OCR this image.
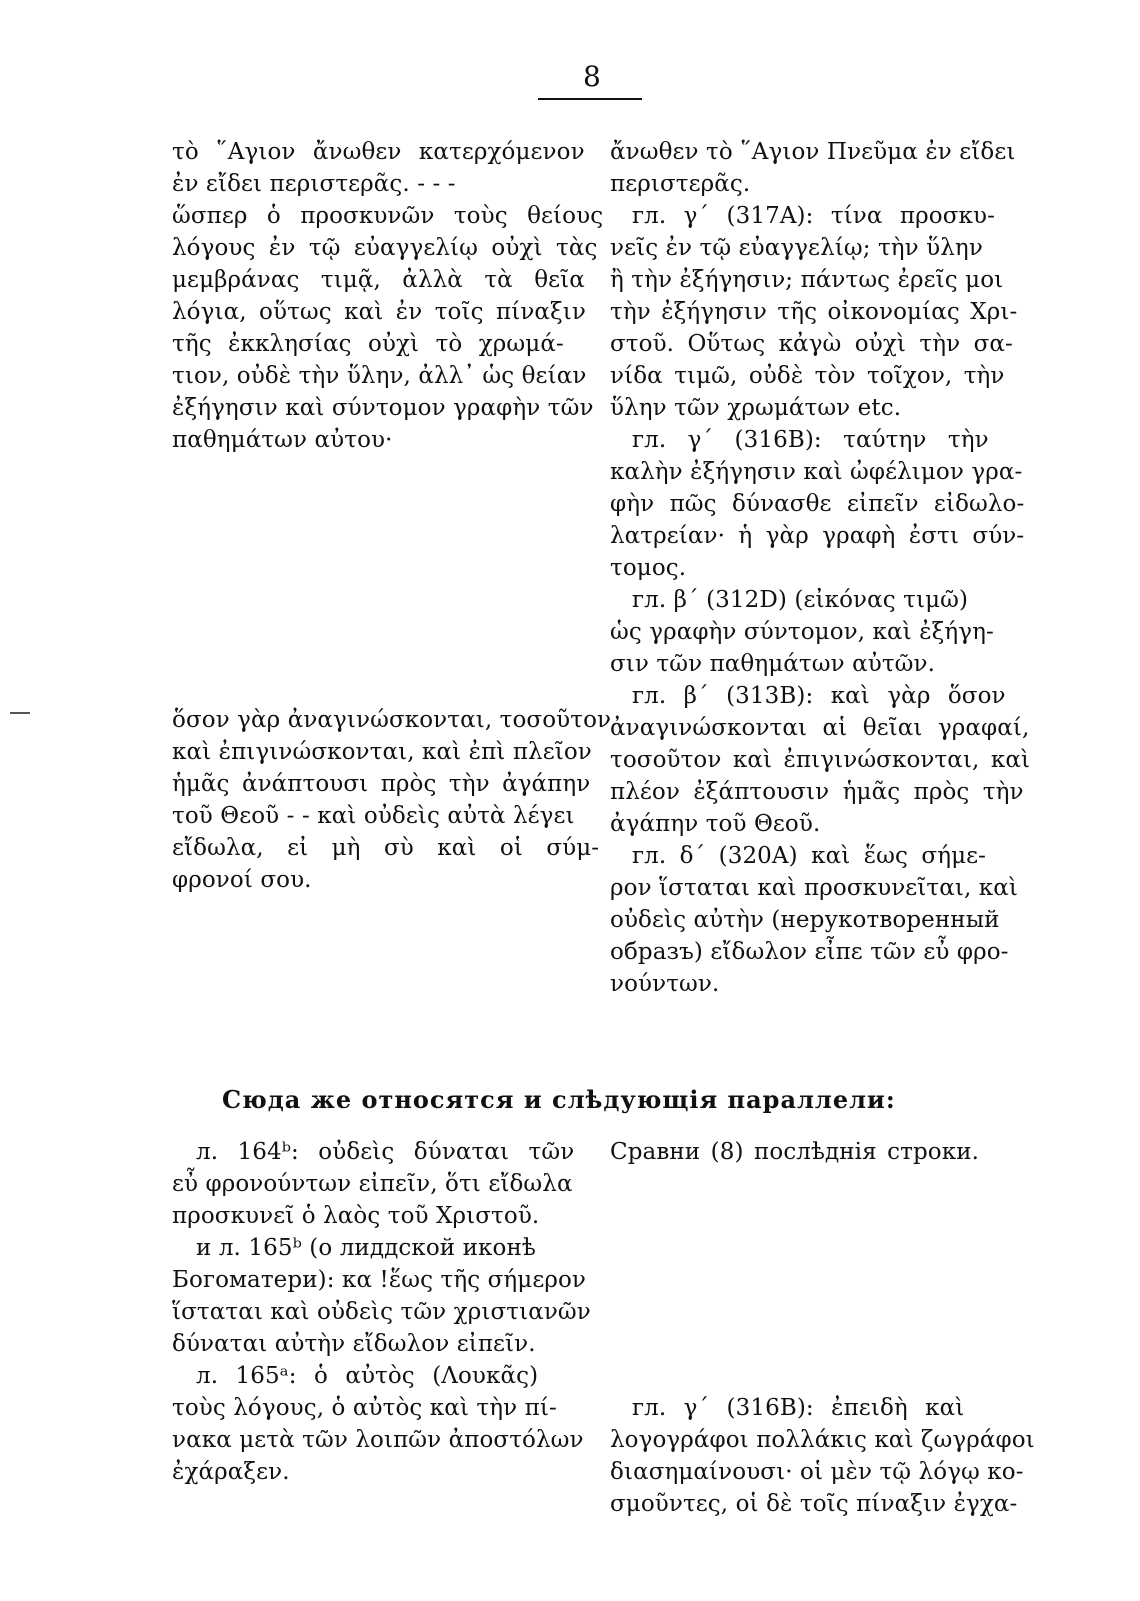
8
τὸ ῞Αγιον ἄνωθεν κατερχόμενον
ἐν εἴδει περιστερᾶς. - - -
ὥσπερ ὁ προσκυνῶν τοὺς θείους
λόγους ἐν τῷ εὐαγγελίῳ οὐχὶ τὰς
μεμβράνας τιμᾷ, ἀλλὰ τὰ θεῖα
λόγια, οὕτως καὶ ἐν τοῖς πίναξιν
τῆς ἐκκλησίας οὐχὶ τὸ χρωμά-
τιον, οὐδὲ τὴν ὕλην, ἀλλ᾽ ὡς θείαν
ἐξήγησιν καὶ σύντομον γραφὴν τῶν
παθημάτων αὐτου·
ὅσον γὰρ ἀναγινώσκονται, τοσοῦτον
καὶ ἐπιγινώσκονται, καὶ ἐπὶ πλεῖον
ἡμᾶς ἀνάπτουσι πρὸς τὴν ἀγάπην
τοῦ Θεοῦ - - καὶ οὐδεὶς αὐτὰ λέγει
εἴδωλα, εἰ μὴ σὺ καὶ οἱ σύμ-
φρονοί σου.
ἄνωθεν τὸ ῞Αγιον Πνεῦμα ἐν εἴδει
περιστερᾶς.
гл. γ΄ (317A): τίνα προσκυ-
νεῖς ἐν τῷ εὐαγγελίῳ; τὴν ὕλην
ἢ τὴν ἐξήγησιν; πάντως ἐρεῖς μοι
τὴν ἐξήγησιν τῆς οἰκονομίας Χρι-
στοῦ. Οὕτως κἀγὼ οὐχὶ τὴν σα-
νίδα τιμῶ, οὐδὲ τὸν τοῖχον, τὴν
ὕλην τῶν χρωμάτων etc.
гл. γ΄ (316B): ταύτην τὴν
καλὴν ἐξήγησιν καὶ ὠφέλιμον γρα-
φὴν πῶς δύνασθε εἰπεῖν εἰδωλο-
λατρείαν· ἡ γὰρ γραφὴ ἐστι σύν-
τομος.
гл. β΄ (312D) (εἰκόνας τιμῶ)
ὡς γραφὴν σύντομον, καὶ ἐξήγη-
σιν τῶν παθημάτων αὐτῶν.
гл. β΄ (313B): καὶ γὰρ ὅσον
ἀναγινώσκονται αἱ θεῖαι γραφαί,
τοσοῦτον καὶ ἐπιγινώσκονται, καὶ
πλέον ἐξάπτουσιν ἡμᾶς πρὸς τὴν
ἀγάπην τοῦ Θεοῦ.
гл. δ΄ (320A) καὶ ἕως σήμε-
ρον ἵσταται καὶ προσκυνεῖται, καὶ
οὐδεὶς αὐτὴν (нерукотворенный
образъ) εἴδωλον εἶπε τῶν εὖ φρο-
νούντων.
Сюда же относятся и слѣдующія параллели:
л. 164ᵇ: οὐδεὶς δύναται τῶν
εὖ φρονούντων εἰπεῖν, ὅτι εἴδωλα
προσκυνεῖ ὁ λαὸς τοῦ Χριστοῦ.
и л. 165ᵇ (о лиддской иконѣ
Богоматери): κα !ἕως τῆς σήμερον
ἵσταται καὶ οὐδεὶς τῶν χριστιανῶν
δύναται αὐτὴν εἴδωλον εἰπεῖν.
л. 165ᵃ: ὁ αὐτὸς (Λουκᾶς)
τοὺς λόγους, ὁ αὐτὸς καὶ τὴν πί-
νακα μετὰ τῶν λοιπῶν ἀποστόλων
ἐχάραξεν.
Сравни (8) послѣднія строки.
гл. γ΄ (316B): ἐπειδὴ καὶ
λογογράφοι πολλάκις καὶ ζωγράφοι
διασημαίνουσι· οἱ μὲν τῷ λόγῳ κο-
σμοῦντες, οἱ δὲ τοῖς πίναξιν ἐγχα-
